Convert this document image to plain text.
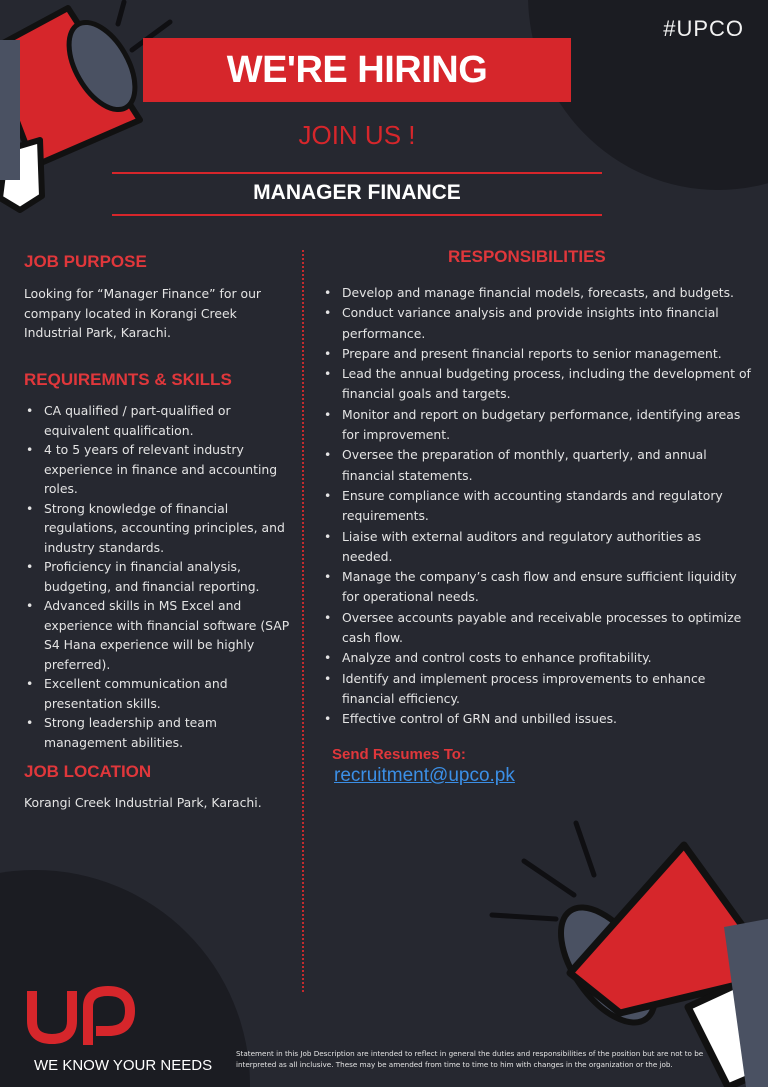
#UPCO
WE'RE HIRING
JOIN US !
MANAGER FINANCE
JOB PURPOSE
Looking for “Manager Finance” for our company located in Korangi Creek Industrial Park, Karachi.
REQUIREMNTS & SKILLS
• CA qualified / part-qualified or equivalent qualification.
• 4 to 5 years of relevant industry experience in finance and accounting roles.
• Strong knowledge of financial regulations, accounting principles, and industry standards.
• Proficiency in financial analysis, budgeting, and financial reporting.
• Advanced skills in MS Excel and experience with financial software (SAP S4 Hana experience will be highly preferred).
• Excellent communication and presentation skills.
• Strong leadership and team management abilities.
JOB LOCATION
Korangi Creek Industrial Park, Karachi.
RESPONSIBILITIES
• Develop and manage financial models, forecasts, and budgets.
• Conduct variance analysis and provide insights into financial performance.
• Prepare and present financial reports to senior management.
• Lead the annual budgeting process, including the development of financial goals and targets.
• Monitor and report on budgetary performance, identifying areas for improvement.
• Oversee the preparation of monthly, quarterly, and annual financial statements.
• Ensure compliance with accounting standards and regulatory requirements.
• Liaise with external auditors and regulatory authorities as needed.
• Manage the company’s cash flow and ensure sufficient liquidity for operational needs.
• Oversee accounts payable and receivable processes to optimize cash flow.
• Analyze and control costs to enhance profitability.
• Identify and implement process improvements to enhance financial efficiency.
• Effective control of GRN and unbilled issues.
Send Resumes To:
recruitment@upco.pk
WE KNOW YOUR NEEDS
Statement in this Job Description are intended to reflect in general the duties and responsibilities of the position but are not to be interpreted as all inclusive. These may be amended from time to time to him with changes in the organization or the job.
